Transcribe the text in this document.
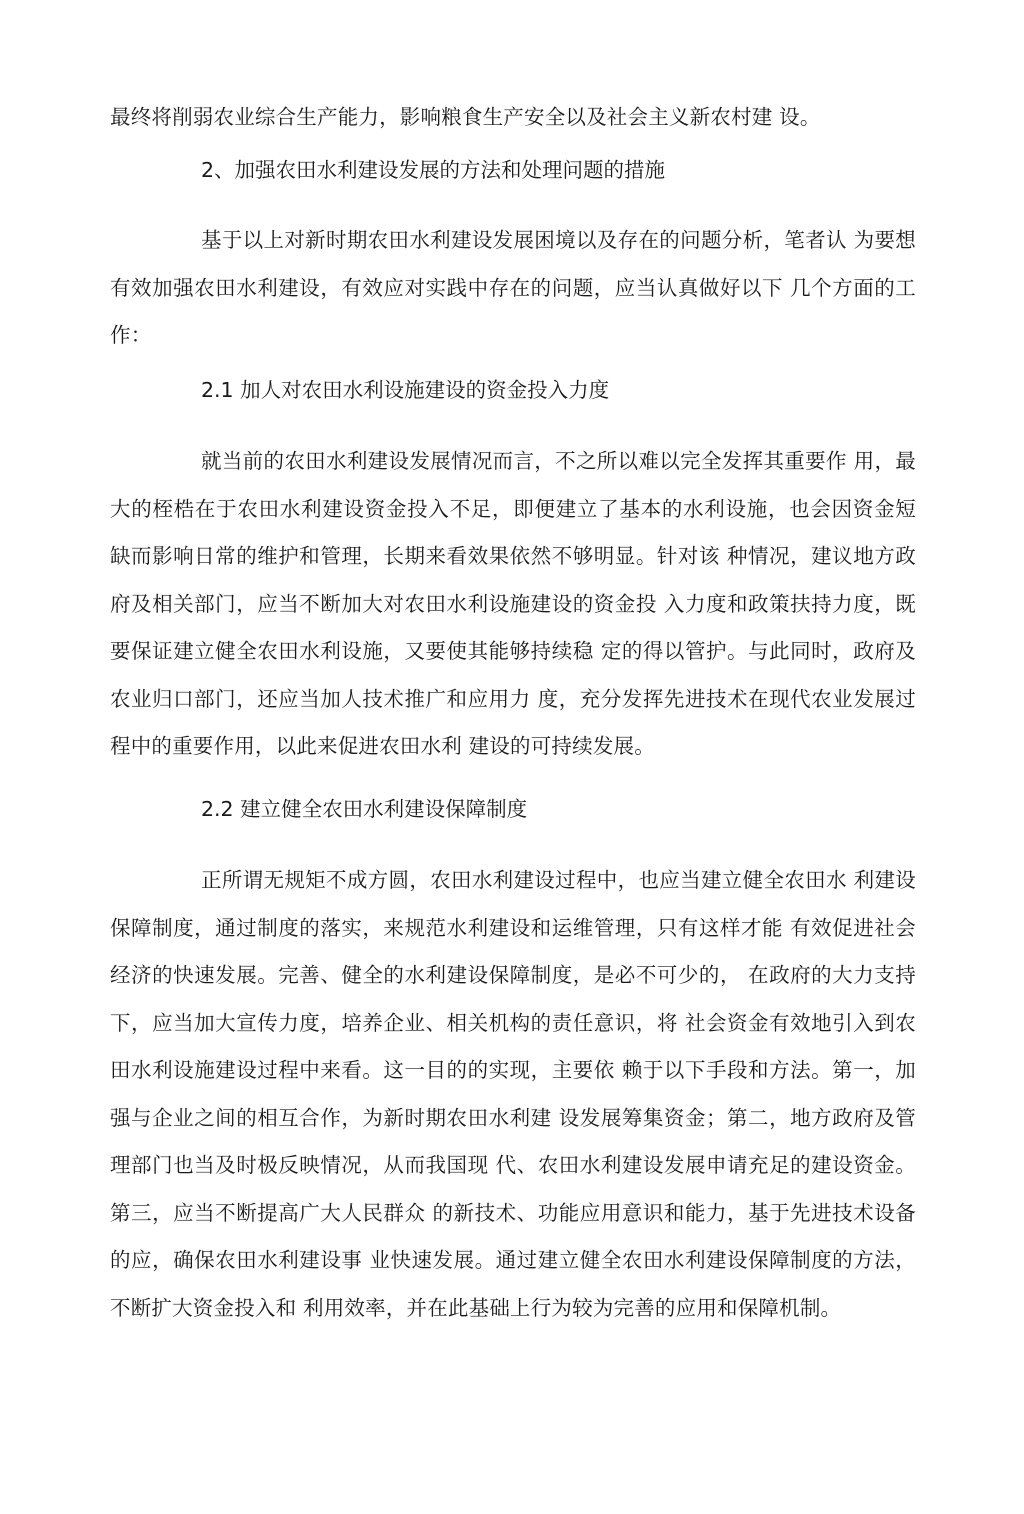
最终将削弱农业综合生产能力，影响粮食生产安全以及社会主义新农村建 设。

2、加强农田水利建设发展的方法和处理问题的措施

基于以上对新时期农田水利建设发展困境以及存在的问题分析，笔者认 为要想有效加强农田水利建设，有效应对实践中存在的问题，应当认真做好以下 几个方面的工作：

2.1 加人对农田水利设施建设的资金投入力度

就当前的农田水利建设发展情况而言，不之所以难以完全发挥其重要作 用，最大的桎梏在于农田水利建设资金投入不足，即便建立了基本的水利设施，也会因资金短缺而影响日常的维护和管理，长期来看效果依然不够明显。针对该 种情况，建议地方政府及相关部门，应当不断加大对农田水利设施建设的资金投 入力度和政策扶持力度，既要保证建立健全农田水利设施，又要使其能够持续稳 定的得以管护。与此同时，政府及农业归口部门，还应当加人技术推广和应用力 度，充分发挥先进技术在现代农业发展过程中的重要作用，以此来促进农田水利 建设的可持续发展。

2.2 建立健全农田水利建设保障制度

正所谓无规矩不成方圆，农田水利建设过程中，也应当建立健全农田水 利建设保障制度，通过制度的落实，来规范水利建设和运维管理，只有这样才能 有效促进社会经济的快速发展。完善、健全的水利建设保障制度，是必不可少的， 在政府的大力支持下，应当加大宣传力度，培养企业、相关机构的责任意识，将 社会资金有效地引入到农田水利设施建设过程中来看。这一目的的实现，主要依 赖于以下手段和方法。第一，加强与企业之间的相互合作，为新时期农田水利建 设发展筹集资金；第二，地方政府及管理部门也当及时极反映情况，从而我国现 代、农田水利建设发展申请充足的建设资金。第三，应当不断提高广大人民群众 的新技术、功能应用意识和能力，基于先进技术设备的应，确保农田水利建设事 业快速发展。通过建立健全农田水利建设保障制度的方法，不断扩大资金投入和 利用效率，并在此基础上行为较为完善的应用和保障机制。
